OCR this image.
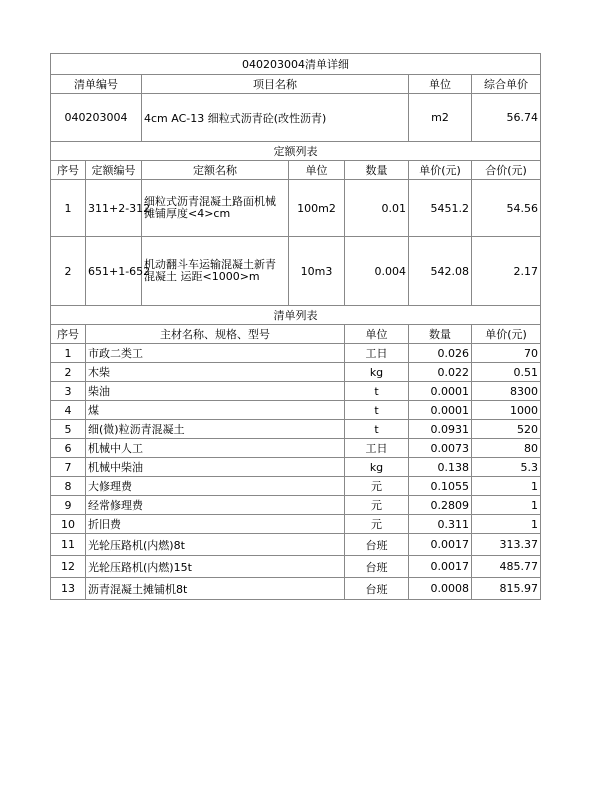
040203004清单详细							
清单编号		项目名称			单位	综合单价	
040203004		4cm AC-13 细粒式沥青砼(改性沥青)			m2	56.74	
定额列表							
序号	定额编号	定额名称	单位	数量	单价(元)	合价(元)	
1	311+2-312	细粒式沥青混凝土路面机械摊铺厚度<4>cm	100m2	0.01	5451.2	54.56	
2	651+1-652	机动翻斗车运输混凝土新青混凝土 运距<1000>m	10m3	0.004	542.08	2.17	
清单列表							
序号	主材名称、规格、型号			单位	数量	单价(元)	
1	市政二类工			工日	0.026	70	
2	木柴			kg	0.022	0.51	
3	柴油			t	0.0001	8300	
4	煤			t	0.0001	1000	
5	细(微)粒沥青混凝土			t	0.0931	520	
6	机械中人工			工日	0.0073	80	
7	机械中柴油			kg	0.138	5.3	
8	大修理费			元	0.1055	1	
9	经常修理费			元	0.2809	1	
10	折旧费			元	0.311	1	
11	光轮压路机(内燃)8t			台班	0.0017	313.37	
12	光轮压路机(内燃)15t			台班	0.0017	485.77	
13	沥青混凝土摊铺机8t			台班	0.0008	815.97	
